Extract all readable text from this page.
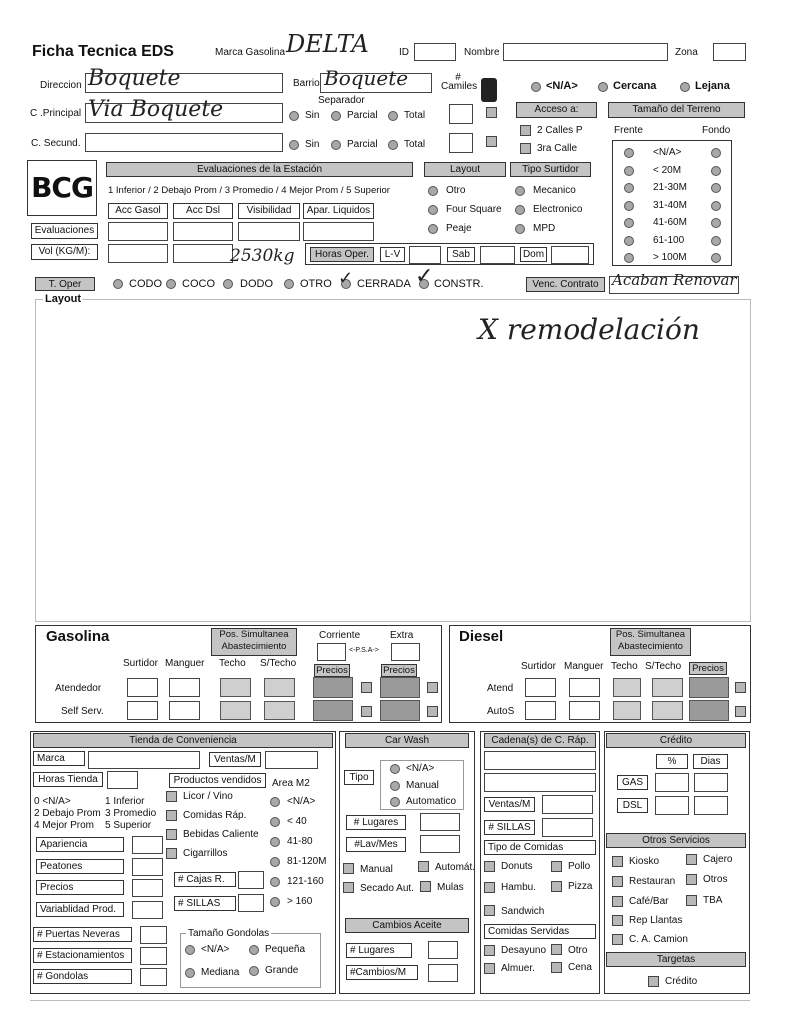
Ficha Tecnica EDS	Marca Gasolina DELTA	ID	Nombre	Zona
Direccion Boquete	Barrio Boquete	# Camiles	<N/A>	Cercana	Lejana
Separador
C .Principal Via Boquete	Sin	Parcial	Total
C. Secund.	Sin	Parcial	Total
Acceso a:
2 Calles P
3ra Calle
Tamaño del Terreno
Frente	Fondo
<N/A>
< 20M
21-30M
31-40M
41-60M
61-100
> 100M
BCG
Evaluaciones de la Estación
1 Inferior / 2 Debajo Prom / 3 Promedio / 4 Mejor Prom / 5 Superior
Acc Gasol	Acc Dsl	Visibilidad	Apar. Liquidos
Evaluaciones
Vol (KG/M):	2530kg
Layout
Otro
Four Square
Peaje
Tipo Surtidor
Mecanico
Electronico
MPD
Horas Oper.	L-V	Sab	Dom
T. Oper	CODO COCO DODO OTRO ✓ CERRADA ✓ CONSTR.	Venc. Contrato Acaban Renovar
Layout
X remodelación
Gasolina	Pos. Simultanea Abastecimiento
Corriente	Extra
<-P.S.A->
Surtidor Manguer Techo S/Techo
Precios	Precios
Atendedor
Self Serv.
Diesel	Pos. Simultanea Abastecimiento
Surtidor Manguer Techo S/Techo	Precios
Atend
AutoS
Tienda de Conveniencia
Marca	Ventas/M
Horas Tienda	Productos vendidos	Area M2
0 <N/A>	1 Inferior
2 Debajo Prom 3 Promedio
4 Mejor Prom 5 Superior
Licor / Vino
Comidas Ráp.
Bebidas Caliente
Cigarrillos
<N/A>
< 40
41-80
81-120M
121-160
> 160
Apariencia
Peatones
Precios
Variablidad Prod.
# Cajas R.
# SILLAS
# Puertas Neveras
# Estacionamientos
# Gondolas
Tamaño Gondolas
<N/A>	Pequeña
Mediana	Grande
Car Wash
Tipo
<N/A>
Manual
Automatico
# Lugares
#Lav/Mes
Manual	Automát.
Secado Aut. Mulas
Cambios Aceite
# Lugares
#Cambios/M
Cadena(s) de C. Ráp.
Ventas/M
# SILLAS
Tipo de Comidas
Donuts	Pollo
Hambu.	Pizza
Sandwich
Comidas Servidas
Desayuno Otro
Almuer.	Cena
Crédito
%	Dias
GAS
DSL
Otros Servicios
Kiosko	Cajero
Restauran	Otros
Café/Bar	TBA
Rep Llantas
C. A. Camion
Targetas
Crédito
